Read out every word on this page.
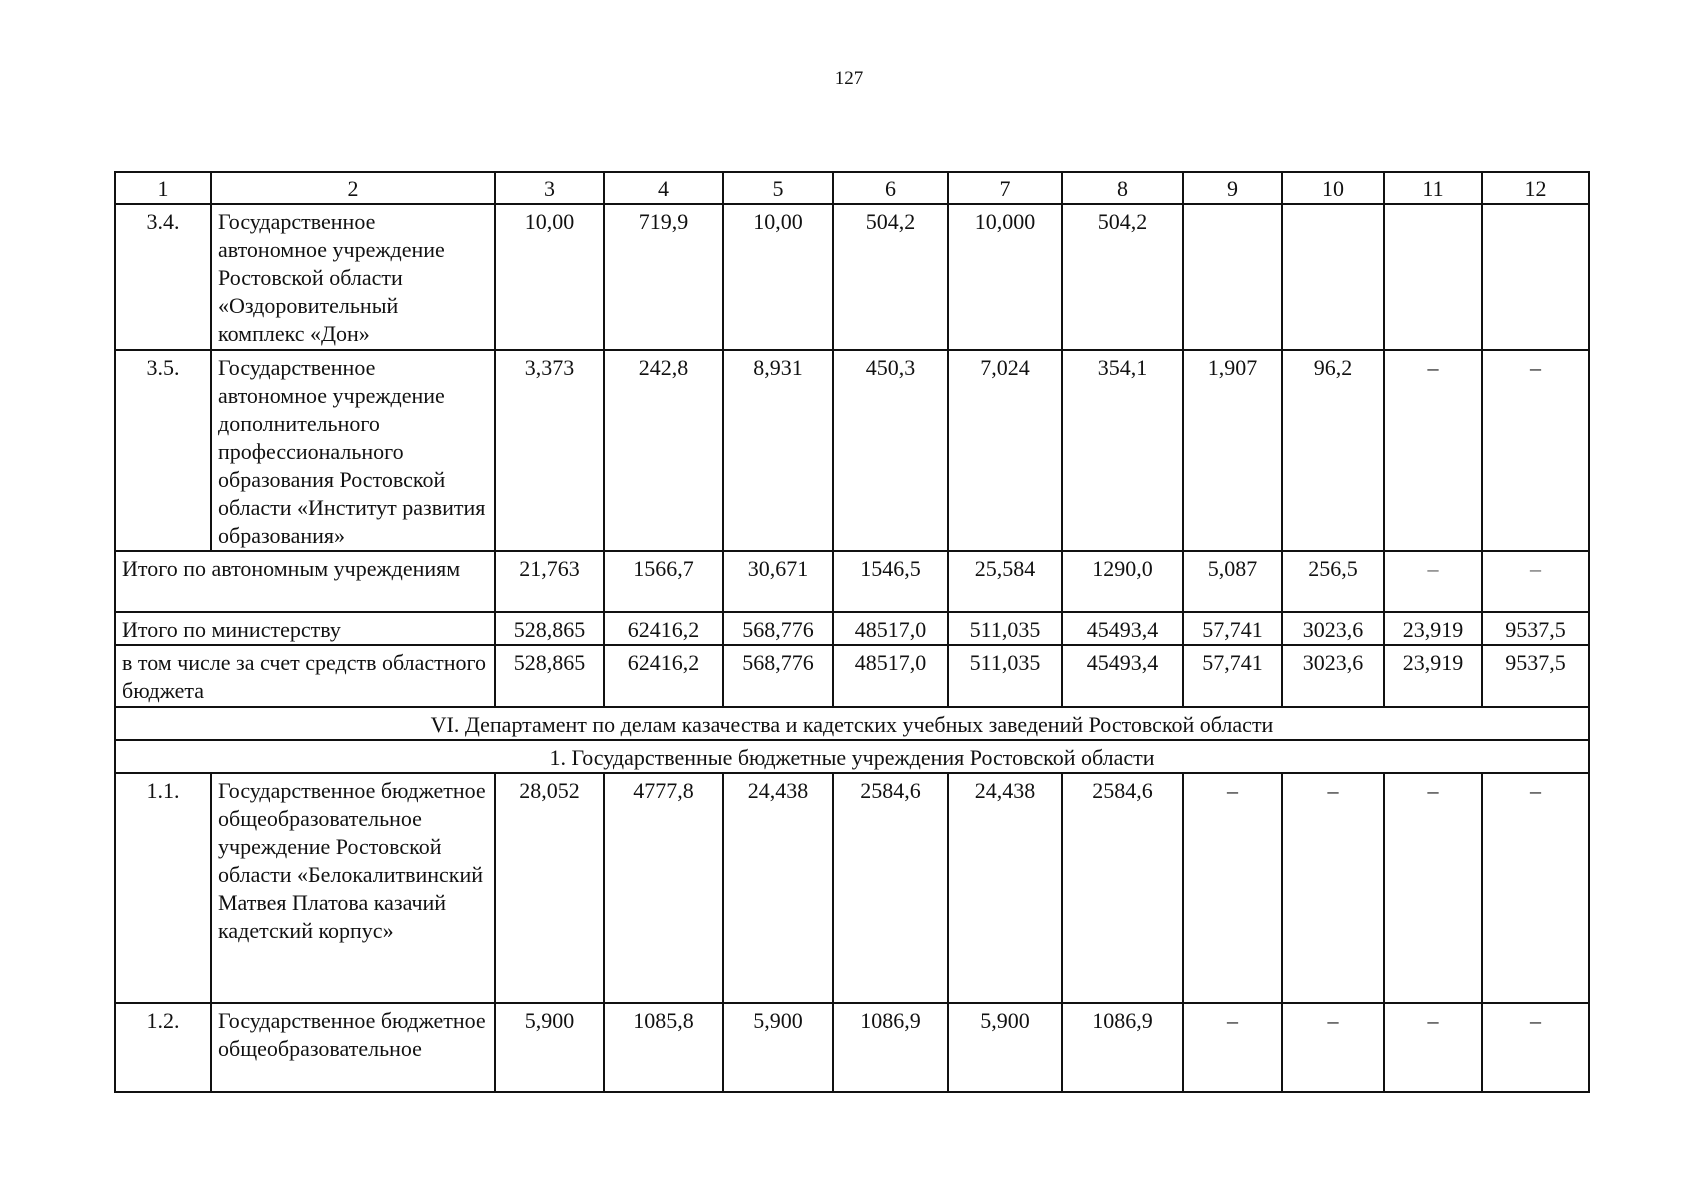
127
1	2	3	4	5	6	7	8	9	10	11	12
3.4.	Государственное автономное учреждение Ростовской области «Оздоровительный комплекс «Дон»	10,00	719,9	10,00	504,2	10,000	504,2				
3.5.	Государственное автономное учреждение дополнительного профессионального образования Ростовской области «Институт развития образования»	3,373	242,8	8,931	450,3	7,024	354,1	1,907	96,2	–	–
Итого по автономным учреждениям		21,763	1566,7	30,671	1546,5	25,584	1290,0	5,087	256,5	–	–
Итого по министерству		528,865	62416,2	568,776	48517,0	511,035	45493,4	57,741	3023,6	23,919	9537,5
в том числе за счет средств областного бюджета		528,865	62416,2	568,776	48517,0	511,035	45493,4	57,741	3023,6	23,919	9537,5
VI. Департамент по делам казачества и кадетских учебных заведений Ростовской области											
1. Государственные бюджетные учреждения Ростовской области											
1.1.	Государственное бюджетное общеобразовательное учреждение Ростовской области «Белокалитвинский Матвея Платова казачий кадетский корпус»	28,052	4777,8	24,438	2584,6	24,438	2584,6	–	–	–	–
1.2.	Государственное бюджетное общеобразовательное	5,900	1085,8	5,900	1086,9	5,900	1086,9	–	–	–	–
